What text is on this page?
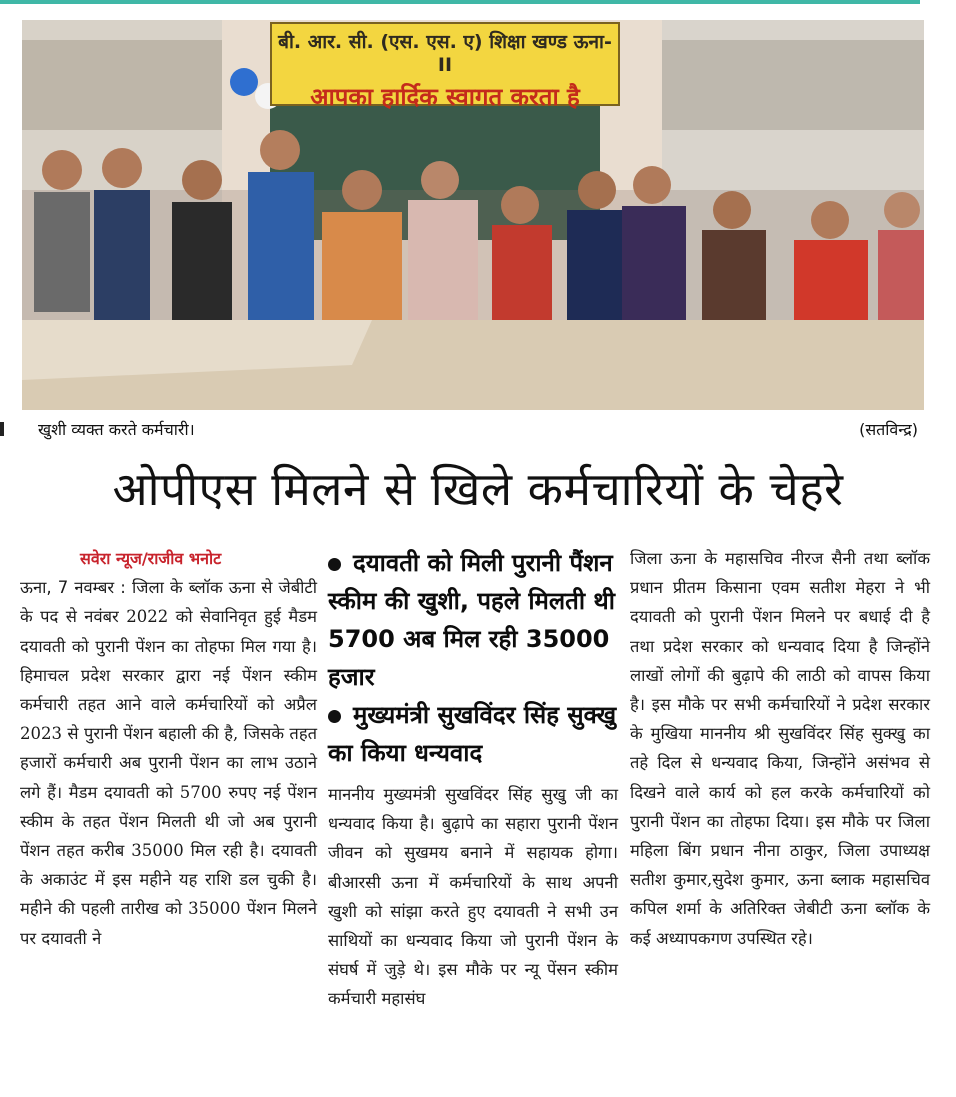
बी. आर. सी. (एस. एस. ए) शिक्षा खण्ड ऊना-II
आपका हार्दिक स्वागत करता है
खुशी व्यक्त करते कर्मचारी।	(सतविन्द्र)
ओपीएस मिलने से खिले कर्मचारियों के चेहरे

सवेरा न्यूज/राजीव भनोट

ऊना, 7 नवम्बर : जिला के ब्लॉक ऊना से जेबीटी के पद से नवंबर 2022 को सेवानिवृत हुई मैडम दयावती को पुरानी पेंशन का तोहफा मिल गया है। हिमाचल प्रदेश सरकार द्वारा नई पेंशन स्कीम कर्मचारी तहत आने वाले कर्मचारियों को अप्रैल 2023 से पुरानी पेंशन बहाली की है, जिसके तहत हजारों कर्मचारी अब पुरानी पेंशन का लाभ उठाने लगे हैं। मैडम दयावती को 5700 रुपए नई पेंशन स्कीम के तहत पेंशन मिलती थी जो अब पुरानी पेंशन तहत करीब 35000 मिल रही है। दयावती के अकाउंट में इस महीने यह राशि डल चुकी है। महीने की पहली तारीख को 35000 पेंशन मिलने पर दयावती ने

दयावती को मिली पुरानी पैंशन स्कीम की खुशी, पहले मिलती थी 5700 अब मिल रही 35000 हजार

मुख्यमंत्री सुखविंदर सिंह सुक्खु का किया धन्यवाद

माननीय मुख्यमंत्री सुखविंदर सिंह सुखु जी का धन्यवाद किया है। बुढ़ापे का सहारा पुरानी पेंशन जीवन को सुखमय बनाने में सहायक होगा। बीआरसी ऊना में कर्मचारियों के साथ अपनी खुशी को सांझा करते हुए दयावती ने सभी उन साथियों का धन्यवाद किया जो पुरानी पेंशन के संघर्ष में जुड़े थे। इस मौके पर न्यू पेंसन स्कीम कर्मचारी महासंघ

जिला ऊना के महासचिव नीरज सैनी तथा ब्लॉक प्रधान प्रीतम किसाना एवम सतीश मेहरा ने भी दयावती को पुरानी पेंशन मिलने पर बधाई दी है तथा प्रदेश सरकार को धन्यवाद दिया है जिन्होंने लाखों लोगों की बुढ़ापे की लाठी को वापस किया है। इस मौके पर सभी कर्मचारियों ने प्रदेश सरकार के मुखिया माननीय श्री सुखविंदर सिंह सुक्खु का तहे दिल से धन्यवाद किया, जिन्होंने असंभव से दिखने वाले कार्य को हल करके कर्मचारियों को पुरानी पेंशन का तोहफा दिया। इस मौके पर जिला महिला बिंग प्रधान नीना ठाकुर, जिला उपाध्यक्ष सतीश कुमार,सुदेश कुमार, ऊना ब्लाक महासचिव कपिल शर्मा के अतिरिक्त जेबीटी ऊना ब्लॉक के कई अध्यापकगण उपस्थित रहे।
